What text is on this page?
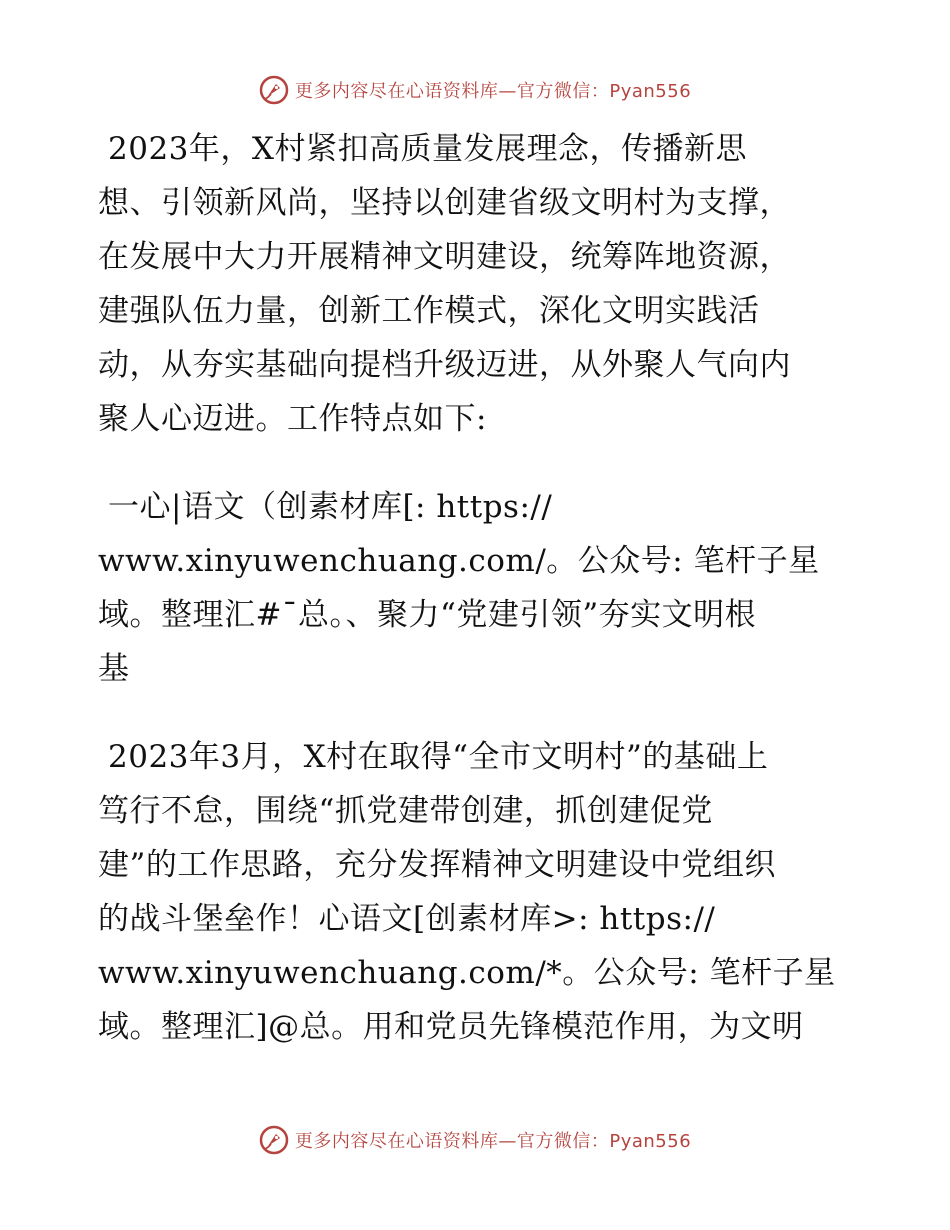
更多内容尽在心语资料库—官方微信：Pyan556
2023年，X村紧扣高质量发展理念，传播新思
想、引领新风尚，坚持以创建省级文明村为支撑，
在发展中大力开展精神文明建设，统筹阵地资源，
建强队伍力量，创新工作模式，深化文明实践活
动，从夯实基础向提档升级迈进，从外聚人气向内
聚人心迈进。工作特点如下:
一心|语文（创素材库[: https://
www.xinyuwenchuang.com/。公众号: 笔杆子星
域。整理汇#¯总。、聚力“党建引领”夯实文明根
基
2023年3月，X村在取得“全市文明村”的基础上
笃行不怠，围绕“抓党建带创建，抓创建促党
建”的工作思路，充分发挥精神文明建设中党组织
的战斗堡垒作！心语文[创素材库>: https://
www.xinyuwenchuang.com/*。公众号: 笔杆子星
域。整理汇]@总。用和党员先锋模范作用，为文明
更多内容尽在心语资料库—官方微信：Pyan556
